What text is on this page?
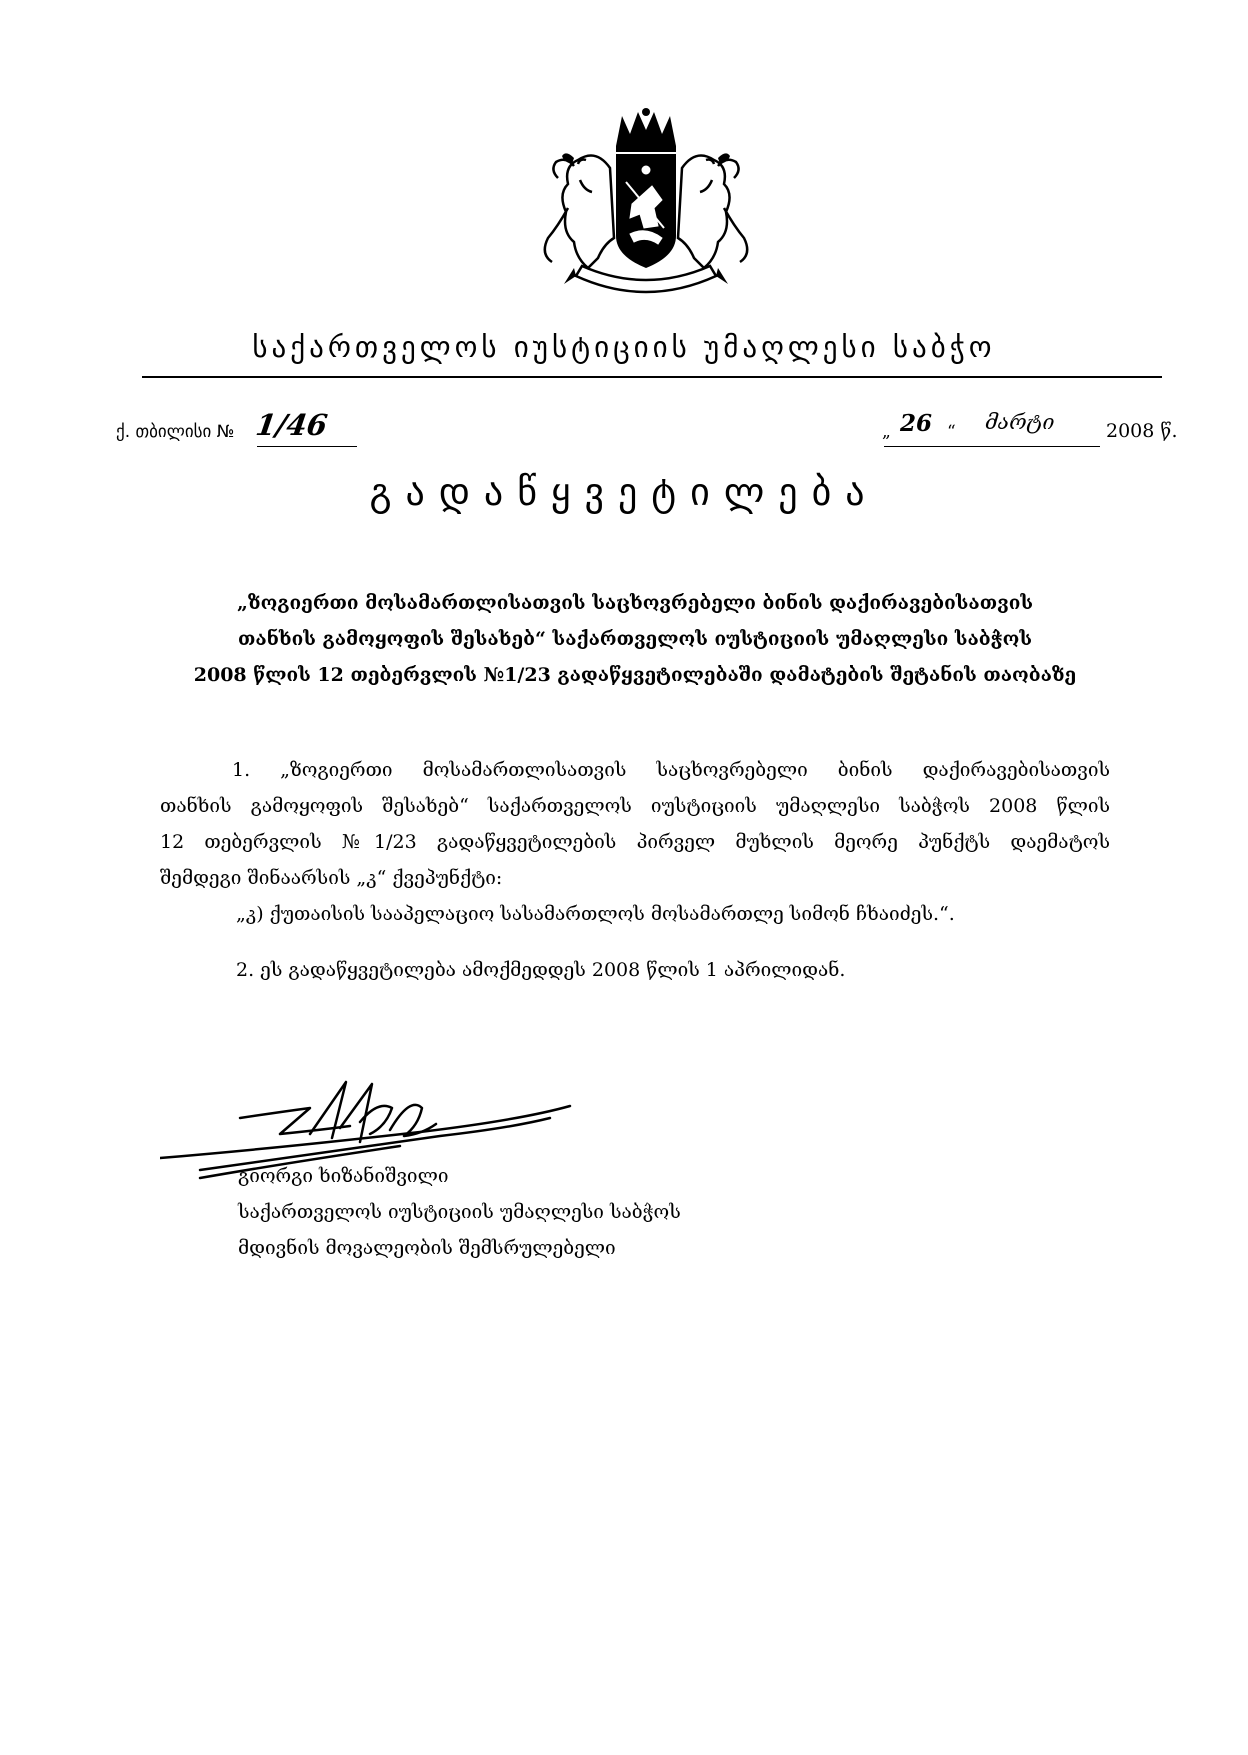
საქართველოს იუსტიციის უმაღლესი საბჭო
ქ. თბილისი № 1/46	„ 26 “ მარტი	2008 წ.
გადაწყვეტილება
„ზოგიერთი მოსამართლისათვის საცხოვრებელი ბინის დაქირავებისათვის
თანხის გამოყოფის შესახებ“ საქართველოს იუსტიციის უმაღლესი საბჭოს
2008 წლის 12 თებერვლის №1/23 გადაწყვეტილებაში დამატების შეტანის თაობაზე
1. „ზოგიერთი მოსამართლისათვის საცხოვრებელი ბინის დაქირავებისათვის
თანხის გამოყოფის შესახებ“ საქართველოს იუსტიციის უმაღლესი საბჭოს 2008 წლის
12 თებერვლის №1/23 გადაწყვეტილების პირველ მუხლის მეორე პუნქტს დაემატოს
შემდეგი შინაარსის „კ“ ქვეპუნქტი:
„კ) ქუთაისის სააპელაციო სასამართლოს მოსამართლე სიმონ ჩხაიძეს.“.
2. ეს გადაწყვეტილება ამოქმედდეს 2008 წლის 1 აპრილიდან.
გიორგი ხიზანიშვილი
საქართველოს იუსტიციის უმაღლესი საბჭოს
მდივნის მოვალეობის შემსრულებელი
